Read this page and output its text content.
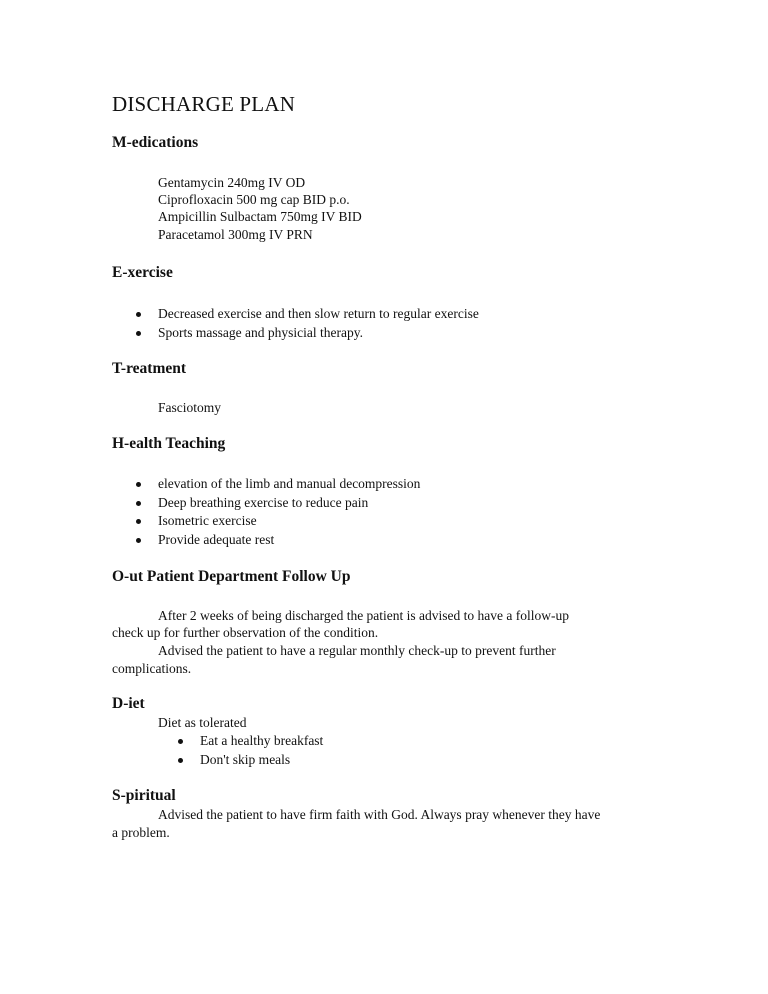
DISCHARGE PLAN
M-edications
Gentamycin 240mg IV OD
Ciprofloxacin 500 mg cap BID p.o.
Ampicillin Sulbactam 750mg IV BID
Paracetamol 300mg IV PRN
E-xercise
Decreased exercise and then slow return to regular exercise
Sports massage and physicial therapy.
T-reatment
Fasciotomy
H-ealth Teaching
elevation of the limb and manual decompression
Deep breathing exercise to reduce pain
Isometric exercise
Provide adequate rest
O-ut Patient Department Follow Up
After 2 weeks of being discharged the patient is advised to have a follow-up
check up for further observation of the condition.
Advised the patient to have a regular monthly check-up to prevent further
complications.
D-iet
Diet as tolerated
Eat a healthy breakfast
Don't skip meals
S-piritual
Advised the patient to have firm faith with God. Always pray whenever they have
a problem.
